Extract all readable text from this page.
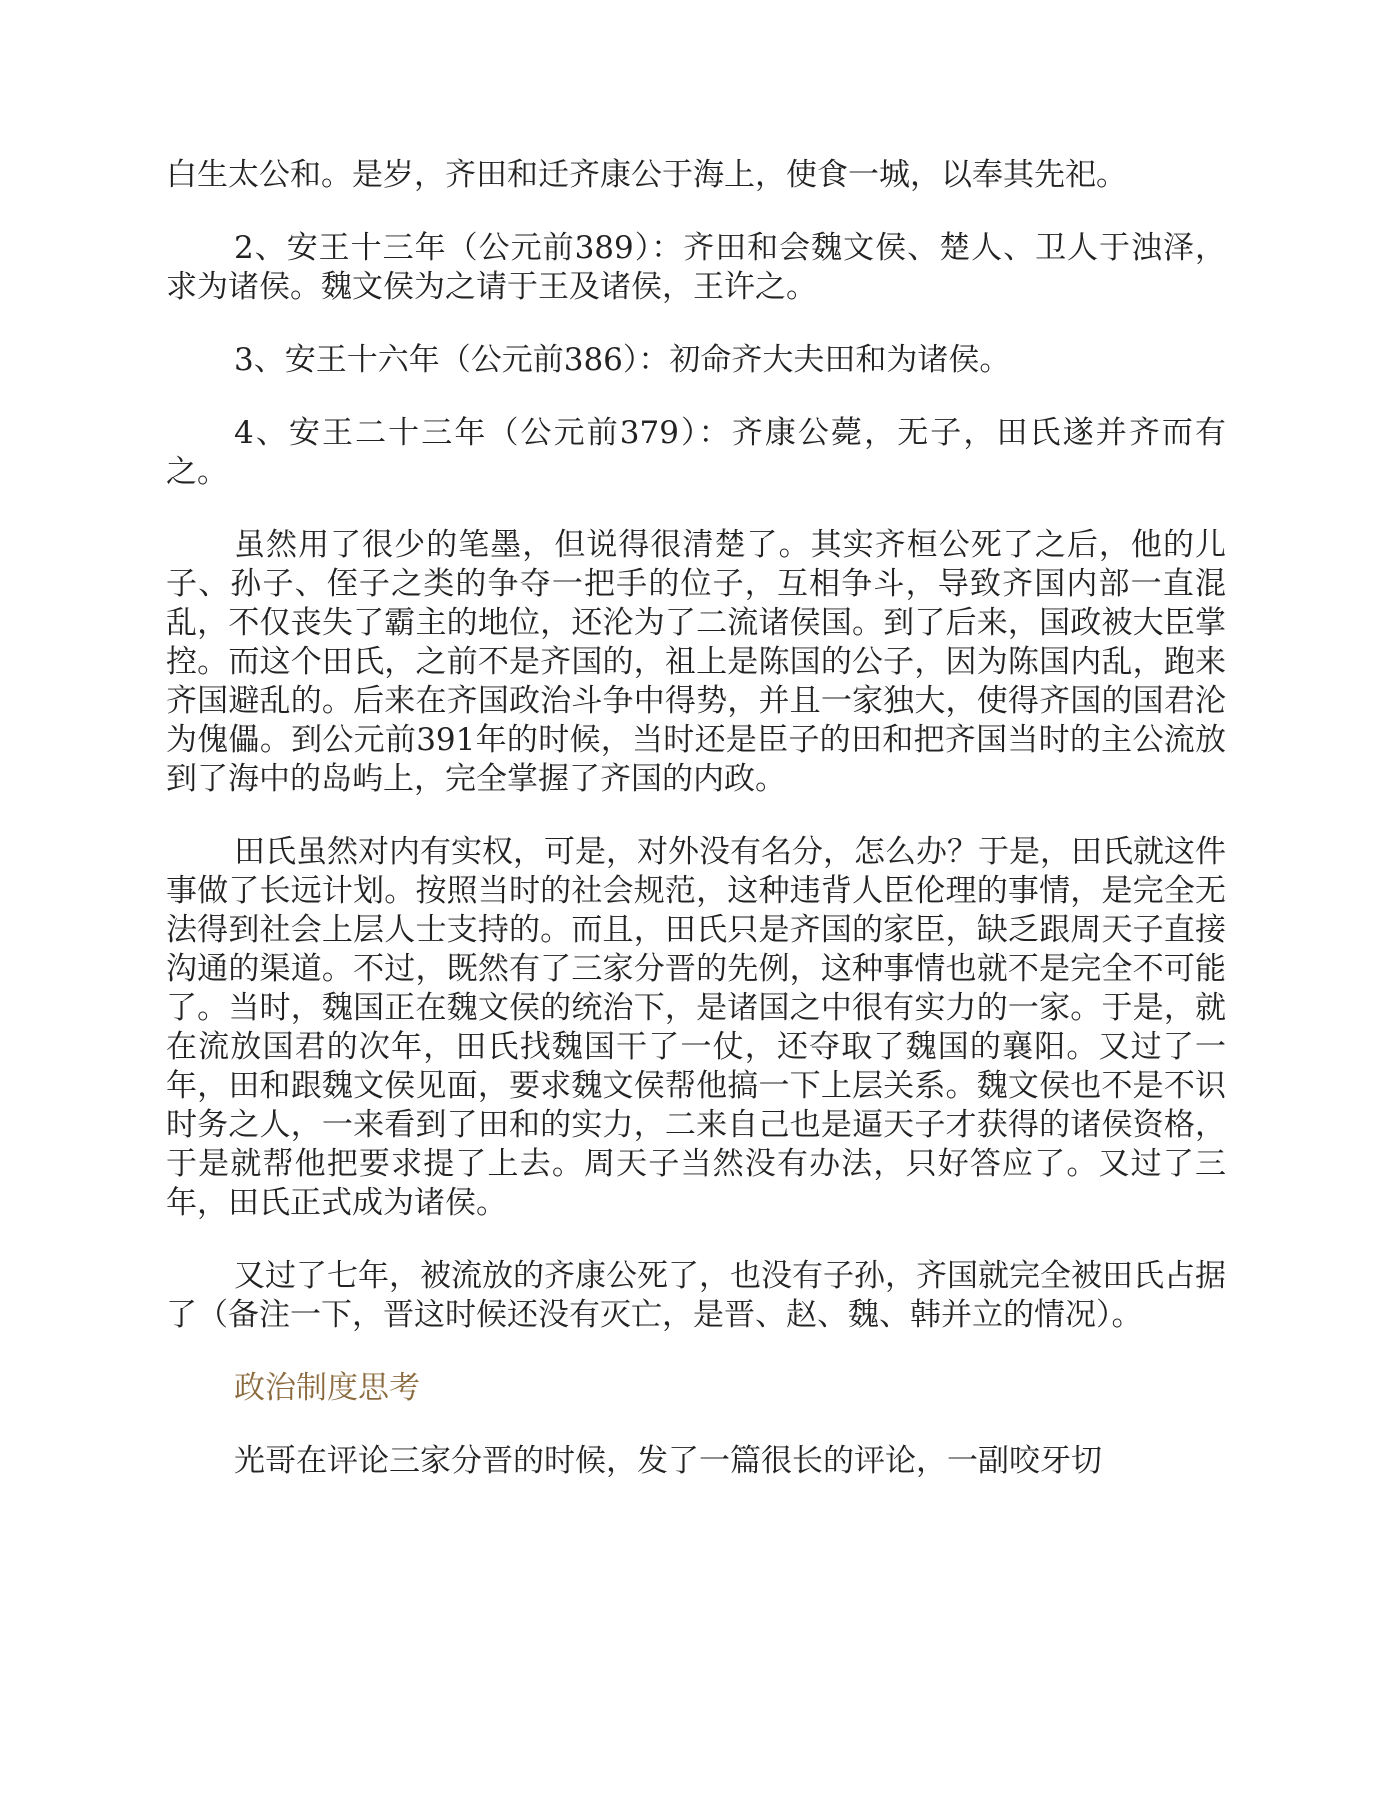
白生太公和。是岁，齐田和迁齐康公于海上，使食一城，以奉其先祀。

2、安王十三年（公元前389）：齐田和会魏文侯、楚人、卫人于浊泽，求为诸侯。魏文侯为之请于王及诸侯，王许之。

3、安王十六年（公元前386）：初命齐大夫田和为诸侯。

4、安王二十三年（公元前379）：齐康公薨，无子，田氏遂并齐而有之。

虽然用了很少的笔墨，但说得很清楚了。其实齐桓公死了之后，他的儿子、孙子、侄子之类的争夺一把手的位子，互相争斗，导致齐国内部一直混乱，不仅丧失了霸主的地位，还沦为了二流诸侯国。到了后来，国政被大臣掌控。而这个田氏，之前不是齐国的，祖上是陈国的公子，因为陈国内乱，跑来齐国避乱的。后来在齐国政治斗争中得势，并且一家独大，使得齐国的国君沦为傀儡。到公元前391年的时候，当时还是臣子的田和把齐国当时的主公流放到了海中的岛屿上，完全掌握了齐国的内政。

田氏虽然对内有实权，可是，对外没有名分，怎么办？于是，田氏就这件事做了长远计划。按照当时的社会规范，这种违背人臣伦理的事情，是完全无法得到社会上层人士支持的。而且，田氏只是齐国的家臣，缺乏跟周天子直接沟通的渠道。不过，既然有了三家分晋的先例，这种事情也就不是完全不可能了。当时，魏国正在魏文侯的统治下，是诸国之中很有实力的一家。于是，就在流放国君的次年，田氏找魏国干了一仗，还夺取了魏国的襄阳。又过了一年，田和跟魏文侯见面，要求魏文侯帮他搞一下上层关系。魏文侯也不是不识时务之人，一来看到了田和的实力，二来自己也是逼天子才获得的诸侯资格，于是就帮他把要求提了上去。周天子当然没有办法，只好答应了。又过了三年，田氏正式成为诸侯。

又过了七年，被流放的齐康公死了，也没有子孙，齐国就完全被田氏占据了（备注一下，晋这时候还没有灭亡，是晋、赵、魏、韩并立的情况）。

政治制度思考

光哥在评论三家分晋的时候，发了一篇很长的评论，一副咬牙切
